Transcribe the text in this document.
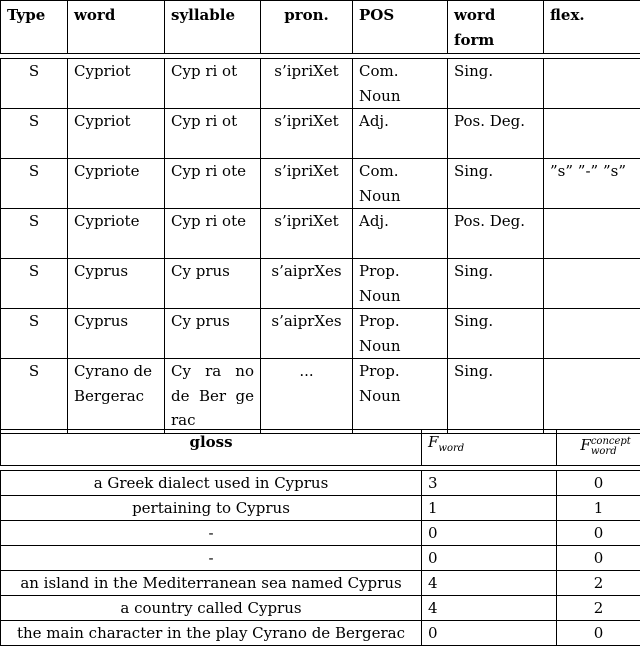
Type	word	syllable	pron.	POS	word form	flex.

S	Cypriot	Cyp ri ot	s’ipriXet	Com. Noun	Sing.	
S	Cypriot	Cyp ri ot	s’ipriXet	Adj.	Pos. Deg.	
S	Cypriote	Cyp ri ote	s’ipriXet	Com. Noun	Sing.	”s” ”-” ”s”
S	Cypriote	Cyp ri ote	s’ipriXet	Adj.	Pos. Deg.	
S	Cyprus	Cy prus	s’aiprXes	Prop. Noun	Sing.	
S	Cyprus	Cy prus	s’aiprXes	Prop. Noun	Sing.	
S	Cyrano de Bergerac	Cy ra no de Ber ge rac	...	Prop. Noun	Sing.	
gloss	$F_{word}$	$F^{concept}_{word}$

a Greek dialect used in Cyprus	3	0
pertaining to Cyprus	1	1
-	0	0
-	0	0
an island in the Mediterranean sea named Cyprus	4	2
a country called Cyprus	4	2
the main character in the play Cyrano de Bergerac	0	0
